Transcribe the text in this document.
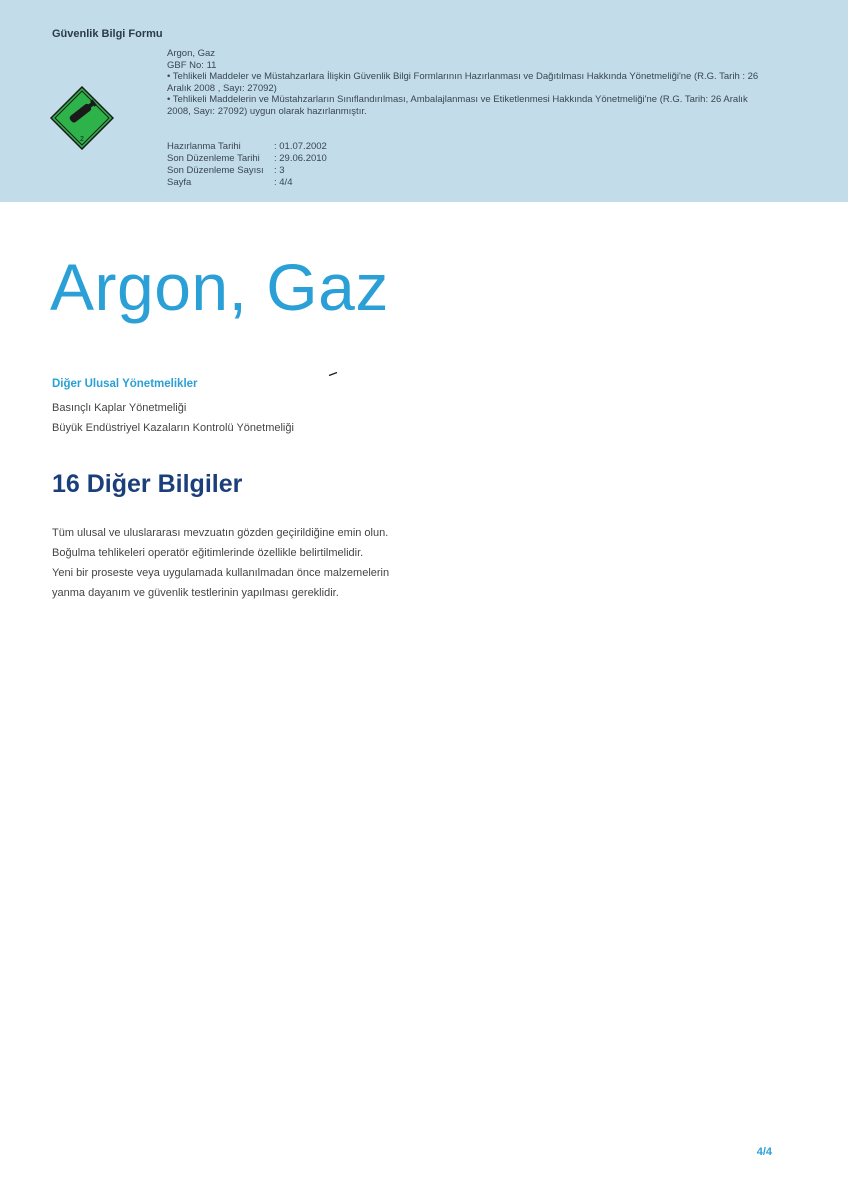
Güvenlik Bilgi Formu
2
Argon, Gaz
GBF No: 11
• Tehlikeli Maddeler ve Müstahzarlara İlişkin Güvenlik Bilgi Formlarının Hazırlanması ve Dağıtılması Hakkında Yönetmeliği'ne (R.G. Tarih : 26 Aralık 2008 , Sayı: 27092)
• Tehlikeli Maddelerin ve Müstahzarların Sınıflandırılması, Ambalajlanması ve Etiketlenmesi Hakkında Yönetmeliği'ne (R.G. Tarih: 26 Aralık 2008, Sayı: 27092) uygun olarak hazırlanmıştır.
Hazırlanma Tarihi	: 01.07.2002
Son Düzenleme Tarihi	: 29.06.2010
Son Düzenleme Sayısı	: 3
Sayfa	: 4/4
Argon, Gaz
Diğer Ulusal Yönetmelikler
Basınçlı Kaplar Yönetmeliği
Büyük Endüstriyel Kazaların Kontrolü Yönetmeliği
16 Diğer Bilgiler
Tüm ulusal ve uluslararası mevzuatın gözden geçirildiğine emin olun.
Boğulma tehlikeleri operatör eğitimlerinde özellikle belirtilmelidir.
Yeni bir proseste veya uygulamada kullanılmadan önce malzemelerin
yanma dayanım ve güvenlik testlerinin yapılması gereklidir.
4/4
